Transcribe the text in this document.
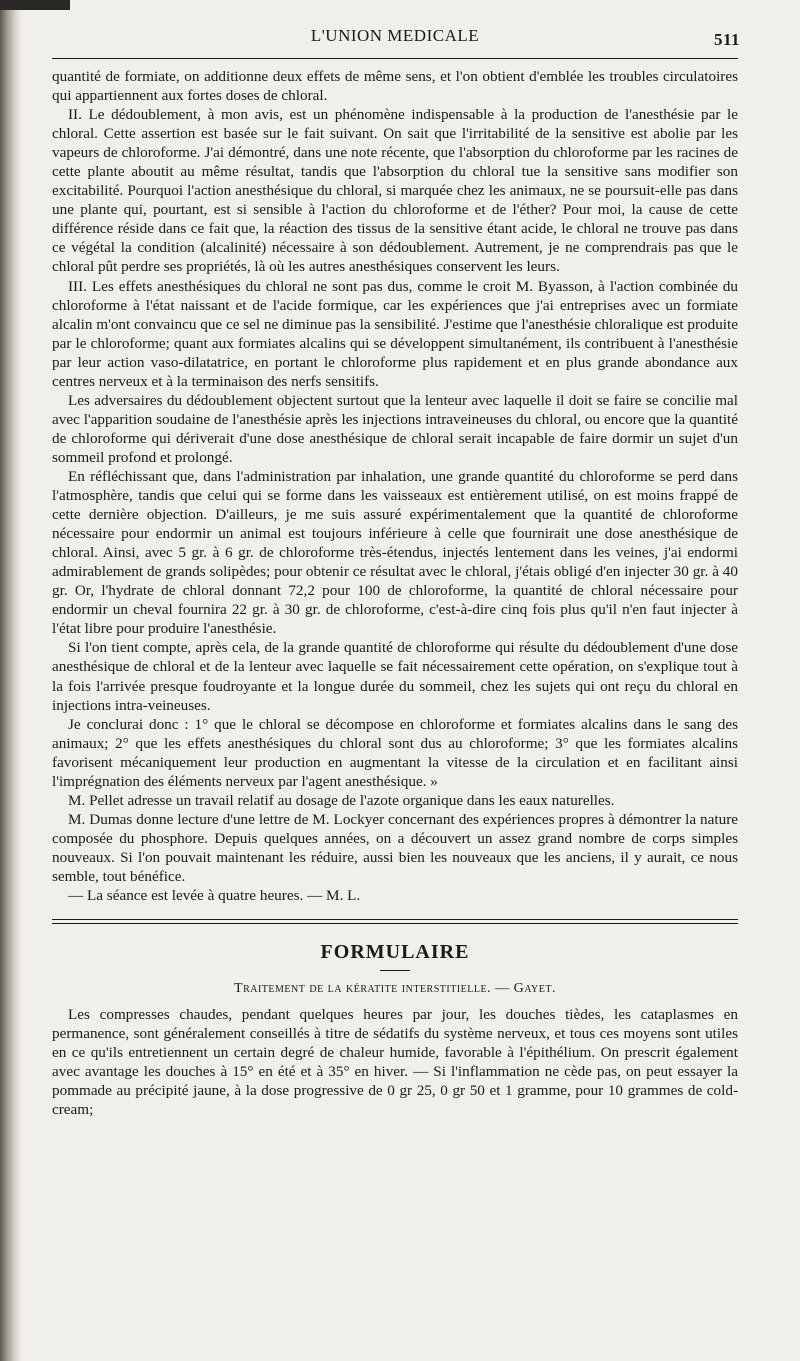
L'UNION MEDICALE	511

quantité de formiate, on additionne deux effets de même sens, et l'on obtient d'emblée les troubles circulatoires qui appartiennent aux fortes doses de chloral.

II. Le dédoublement, à mon avis, est un phénomène indispensable à la production de l'anesthésie par le chloral. Cette assertion est basée sur le fait suivant. On sait que l'irritabilité de la sensitive est abolie par les vapeurs de chloroforme. J'ai démontré, dans une note récente, que l'absorption du chloroforme par les racines de cette plante aboutit au même résultat, tandis que l'absorption du chloral tue la sensitive sans modifier son excitabilité. Pourquoi l'action anesthésique du chloral, si marquée chez les animaux, ne se poursuit-elle pas dans une plante qui, pourtant, est si sensible à l'action du chloroforme et de l'éther? Pour moi, la cause de cette différence réside dans ce fait que, la réaction des tissus de la sensitive étant acide, le chloral ne trouve pas dans ce végétal la condition (alcalinité) nécessaire à son dédoublement. Autrement, je ne comprendrais pas que le chloral pût perdre ses propriétés, là où les autres anesthésiques conservent les leurs.

III. Les effets anesthésiques du chloral ne sont pas dus, comme le croit M. Byasson, à l'action combinée du chloroforme à l'état naissant et de l'acide formique, car les expériences que j'ai entreprises avec un formiate alcalin m'ont convaincu que ce sel ne diminue pas la sensibilité. J'estime que l'anesthésie chloralique est produite par le chloroforme; quant aux formiates alcalins qui se développent simultanément, ils contribuent à l'anesthésie par leur action vaso-dilatatrice, en portant le chloroforme plus rapidement et en plus grande abondance aux centres nerveux et à la terminaison des nerfs sensitifs.

Les adversaires du dédoublement objectent surtout que la lenteur avec laquelle il doit se faire se concilie mal avec l'apparition soudaine de l'anesthésie après les injections intraveineuses du chloral, ou encore que la quantité de chloroforme qui dériverait d'une dose anesthésique de chloral serait incapable de faire dormir un sujet d'un sommeil profond et prolongé.

En réfléchissant que, dans l'administration par inhalation, une grande quantité du chloroforme se perd dans l'atmosphère, tandis que celui qui se forme dans les vaisseaux est entièrement utilisé, on est moins frappé de cette dernière objection. D'ailleurs, je me suis assuré expérimentalement que la quantité de chloroforme nécessaire pour endormir un animal est toujours inférieure à celle que fournirait une dose anesthésique de chloral. Ainsi, avec 5 gr. à 6 gr. de chloroforme très-étendus, injectés lentement dans les veines, j'ai endormi admirablement de grands solipèdes; pour obtenir ce résultat avec le chloral, j'étais obligé d'en injecter 30 gr. à 40 gr. Or, l'hydrate de chloral donnant 72,2 pour 100 de chloroforme, la quantité de chloral nécessaire pour endormir un cheval fournira 22 gr. à 30 gr. de chloroforme, c'est-à-dire cinq fois plus qu'il n'en faut injecter à l'état libre pour produire l'anesthésie.

Si l'on tient compte, après cela, de la grande quantité de chloroforme qui résulte du dédoublement d'une dose anesthésique de chloral et de la lenteur avec laquelle se fait nécessairement cette opération, on s'explique tout à la fois l'arrivée presque foudroyante et la longue durée du sommeil, chez les sujets qui ont reçu du chloral en injections intra-veineuses.

Je conclurai donc : 1° que le chloral se décompose en chloroforme et formiates alcalins dans le sang des animaux; 2° que les effets anesthésiques du chloral sont dus au chloroforme; 3° que les formiates alcalins favorisent mécaniquement leur production en augmentant la vitesse de la circulation et en facilitant ainsi l'imprégnation des éléments nerveux par l'agent anesthésique. »

M. Pellet adresse un travail relatif au dosage de l'azote organique dans les eaux naturelles.

M. Dumas donne lecture d'une lettre de M. Lockyer concernant des expériences propres à démontrer la nature composée du phosphore. Depuis quelques années, on a découvert un assez grand nombre de corps simples nouveaux. Si l'on pouvait maintenant les réduire, aussi bien les nouveaux que les anciens, il y aurait, ce nous semble, tout bénéfice.

— La séance est levée à quatre heures. — M. L.

FORMULAIRE
Traitement de la kératite interstitielle. — Gayet.

Les compresses chaudes, pendant quelques heures par jour, les douches tièdes, les cataplasmes en permanence, sont généralement conseillés à titre de sédatifs du système nerveux, et tous ces moyens sont utiles en ce qu'ils entretiennent un certain degré de chaleur humide, favorable à l'épithélium. On prescrit également avec avantage les douches à 15° en été et à 35° en hiver. — Si l'inflammation ne cède pas, on peut essayer la pommade au précipité jaune, à la dose progressive de 0 gr 25, 0 gr 50 et 1 gramme, pour 10 grammes de cold-cream;
